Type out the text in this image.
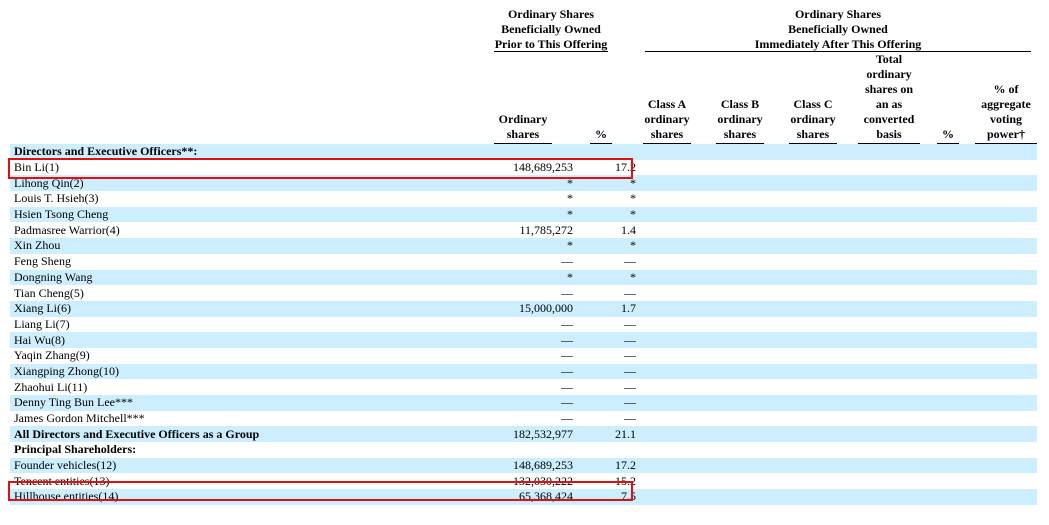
Ordinary Shares
Beneficially Owned
Prior to This Offering
Ordinary Shares
Beneficially Owned
Immediately After This Offering
Ordinary
shares	%
Class A
ordinary
shares
Class B
ordinary
shares
Class C
ordinary
shares
Total
ordinary
shares on
an as
converted
basis	%
% of
aggregate
voting
power†
Directors and Executive Officers**:				
Bin Li(1)	148,689,253		17.2	
Lihong Qin(2)	*		*	
Louis T. Hsieh(3)	*		*	
Hsien Tsong Cheng	*		*	
Padmasree Warrior(4)	11,785,272		1.4	
Xin Zhou	*		*	
Feng Sheng	—		—	
Dongning Wang	*		*	
Tian Cheng(5)	—		—	
Xiang Li(6)	15,000,000		1.7	
Liang Li(7)	—		—	
Hai Wu(8)	—		—	
Yaqin Zhang(9)	—		—	
Xiangping Zhong(10)	—		—	
Zhaohui Li(11)	—		—	
Denny Ting Bun Lee***	—		—	
James Gordon Mitchell***	—		—	
All Directors and Executive Officers as a Group	182,532,977		21.1	
Principal Shareholders:				
Founder vehicles(12)	148,689,253		17.2	
Tencent entities(13)	132,030,222		15.2	
Hillhouse entities(14)	65,368,424		7.5	
